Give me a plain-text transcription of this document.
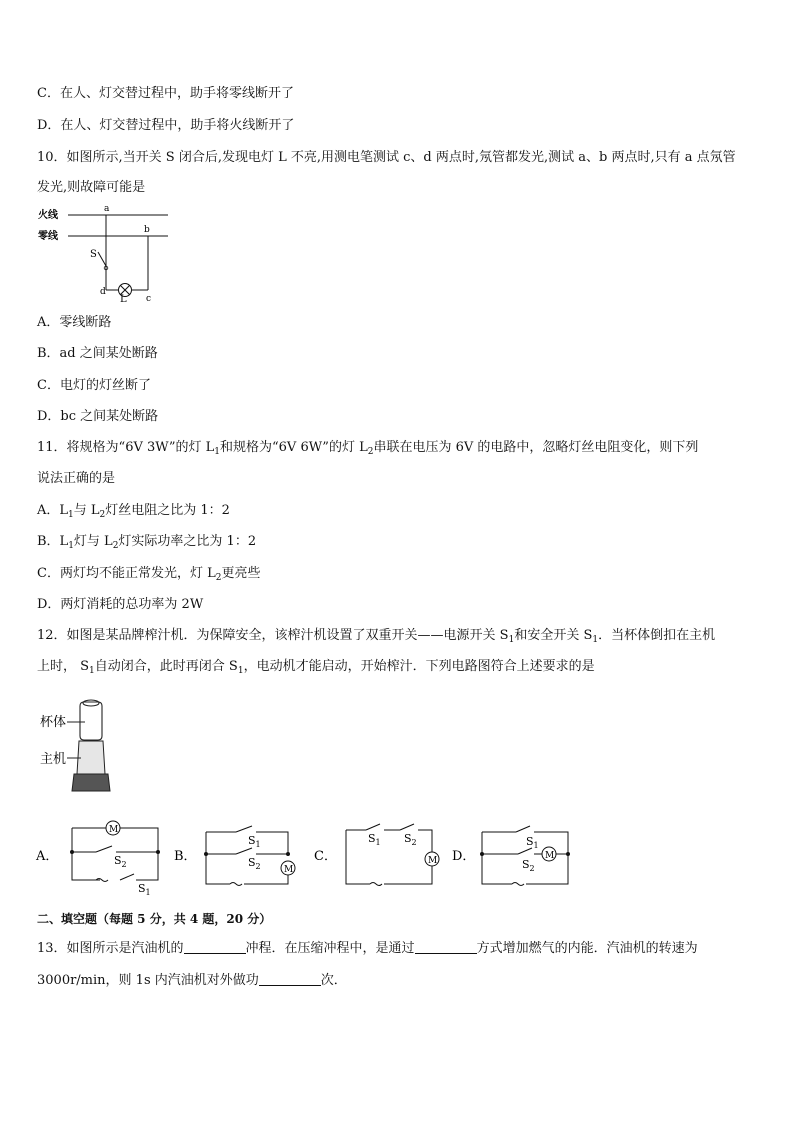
C．在人、灯交替过程中，助手将零线断开了
D．在人、灯交替过程中，助手将火线断开了
10．如图所示,当开关 S 闭合后,发现电灯 L 不亮,用测电笔测试 c、d 两点时,氖管都发光,测试 a、b 两点时,只有 a 点氖管
发光,则故障可能是
火线
零线
a
b
S
d
c
L
A．零线断路
B．ad 之间某处断路
C．电灯的灯丝断了
D．bc 之间某处断路
11．将规格为“6V 3W”的灯 $L_1$和规格为“6V 6W”的灯 $L_2$串联在电压为 6V 的电路中，忽略灯丝电阻变化，则下列
说法正确的是
A．$L_1$与 $L_2$灯丝电阻之比为 1：2
B．$L_1$灯与 $L_2$灯实际功率之比为 1：2
C．两灯均不能正常发光，灯 $L_2$更亮些
D．两灯消耗的总功率为 2W
12．如图是某品牌榨汁机．为保障安全，该榨汁机设置了双重开关——电源开关 $S_1$和安全开关 $S_1$．当杯体倒扣在主机
上时， $S_1$自动闭合，此时再闭合 $S_1$，电动机才能启动，开始榨汁．下列电路图符合上述要求的是
杯体
主机
A．
M
$S_2$
$S_1$
B．
$S_1$
$S_2$	M
C．
$S_1$ $S_2$
M D．
$S_1$
M
$S_2$
二、填空题（每题 5 分，共 4 题，20 分）
13．如图所示是汽油机的	冲程．在压缩冲程中，是通过	方式增加燃气的内能．汽油机的转速为
3000r/min，则 1s 内汽油机对外做功	次．
